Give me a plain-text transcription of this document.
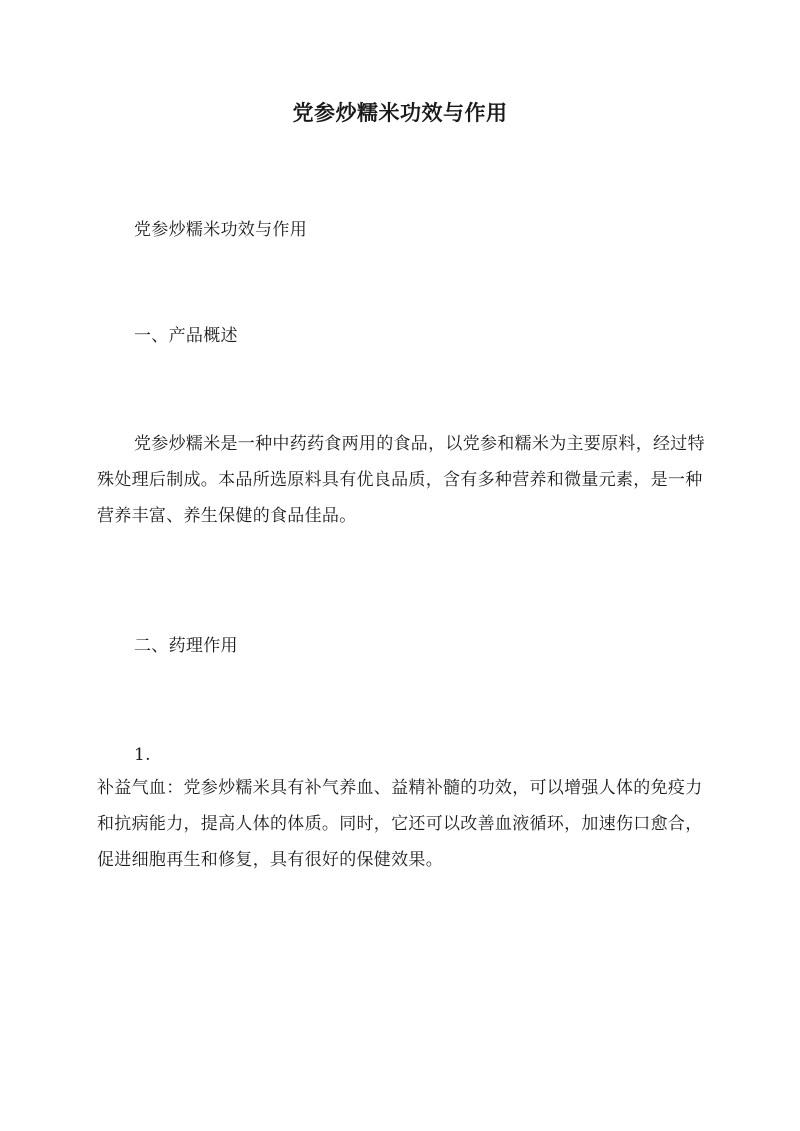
党参炒糯米功效与作用
党参炒糯米功效与作用
一、产品概述
党参炒糯米是一种中药药食两用的食品，以党参和糯米为主要原料，经过特殊处理后制成。本品所选原料具有优良品质，含有多种营养和微量元素，是一种营养丰富、养生保健的食品佳品。
二、药理作用
1.
补益气血：党参炒糯米具有补气养血、益精补髓的功效，可以增强人体的免疫力和抗病能力，提高人体的体质。同时，它还可以改善血液循环，加速伤口愈合，促进细胞再生和修复，具有很好的保健效果。
